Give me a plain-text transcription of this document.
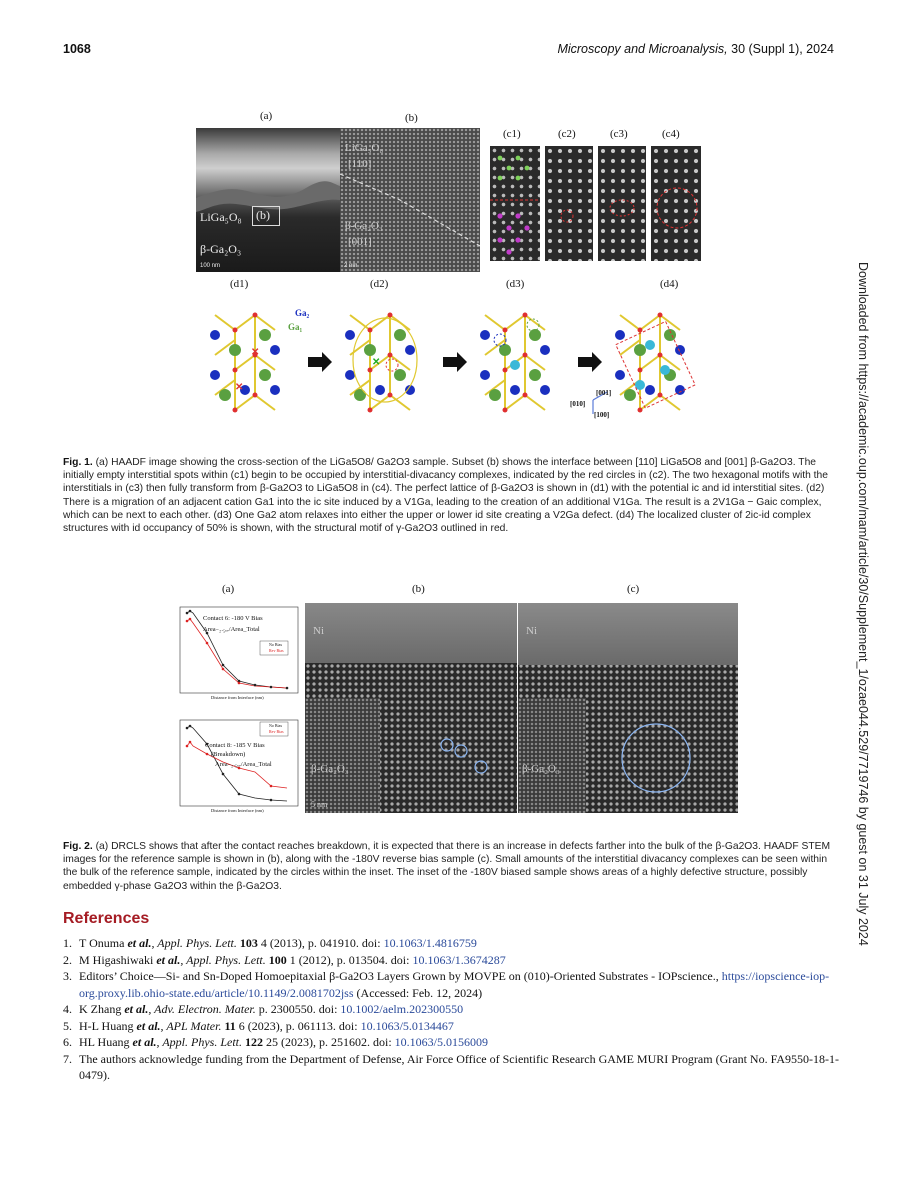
1068	Microscopy and Microanalysis, 30 (Suppl 1), 2024
Downloaded from https://academic.oup.com/mam/article/30/Supplement_1/ozae044.529/7719746 by guest on 31 July 2024
(a)	(b)
(c1)	(c2)	(c3)	(c4)
LiGa₅O₈ (b)
β-Ga₂O₃
100 nm
LiGa₅O₈
[110]
β-Ga₂O₃
[001]
2 nm
(d1)	(d2)	(d3)	(d4)
✕
✕
✕
Ga₂
Ga₁
[001]
[010]
[100]
Fig. 1. (a) HAADF image showing the cross-section of the LiGa5O8/ Ga2O3 sample. Subset (b) shows the interface between [110] LiGa5O8 and [001] β-Ga2O3. The initially empty interstitial spots within (c1) begin to be occupied by interstitial-divacancy complexes, indicated by the red circles in (c2). The two hexagonal motifs with the interstitials in (c3) then fully transform from β-Ga2O3 to LiGa5O8 in (c4). The perfect lattice of β-Ga2O3 is shown in (d1) with the potential ic and id interstitial sites. (d2) There is a migration of an adjacent cation Ga1 into the ic site induced by a V1Ga, leading to the creation of an additional V1Ga. The result is a 2V1Ga − Gaic complex, which can be next to each other. (d3) One Ga2 atom relaxes into either the upper or lower id site creating a V2Ga defect. (d4) The localized cluster of 2ic-id complex structures with id occupancy of 50% is shown, with the structural motif of γ-Ga2O3 outlined in red.
(a)	(b)	(c)
Contact 6: -180 V Bias
Area₋₂.₅ₑᵥ/Area_Total
No Bias
Rev Bias
Distance from Interface (nm)
Contact 8: -185 V Bias
(Breakdown)
Area₋₂.₅ₑᵥ/Area_Total
No Bias
Rev Bias
Distance from Interface (nm)
Ni
β-Ga₂O₃
5 nm
Ni
β-Ga₂O₃
Fig. 2. (a) DRCLS shows that after the contact reaches breakdown, it is expected that there is an increase in defects farther into the bulk of the β-Ga2O3. HAADF STEM images for the reference sample is shown in (b), along with the -180V reverse bias sample (c). Small amounts of the interstitial divacancy complexes can be seen within the bulk of the reference sample, indicated by the circles within the inset. The inset of the -180V biased sample shows areas of a highly defective structure, possibly embedded γ-phase Ga2O3 within the β-Ga2O3.
References
1. T Onuma et al., Appl. Phys. Lett. 103 4 (2013), p. 041910. doi: 10.1063/1.4816759
2. M Higashiwaki et al., Appl. Phys. Lett. 100 1 (2012), p. 013504. doi: 10.1063/1.3674287
3. Editors’ Choice—Si- and Sn-Doped Homoepitaxial β-Ga2O3 Layers Grown by MOVPE on (010)-Oriented Substrates - IOPscience., https://iopscience-iop-org.proxy.lib.ohio-state.edu/article/10.1149/2.0081702jss (Accessed: Feb. 12, 2024)
4. K Zhang et al., Adv. Electron. Mater. p. 2300550. doi: 10.1002/aelm.202300550
5. H-L Huang et al., APL Mater. 11 6 (2023), p. 061113. doi: 10.1063/5.0134467
6. HL Huang et al., Appl. Phys. Lett. 122 25 (2023), p. 251602. doi: 10.1063/5.0156009
7. The authors acknowledge funding from the Department of Defense, Air Force Office of Scientific Research GAME MURI Program (Grant No. FA9550-18-1-0479).
